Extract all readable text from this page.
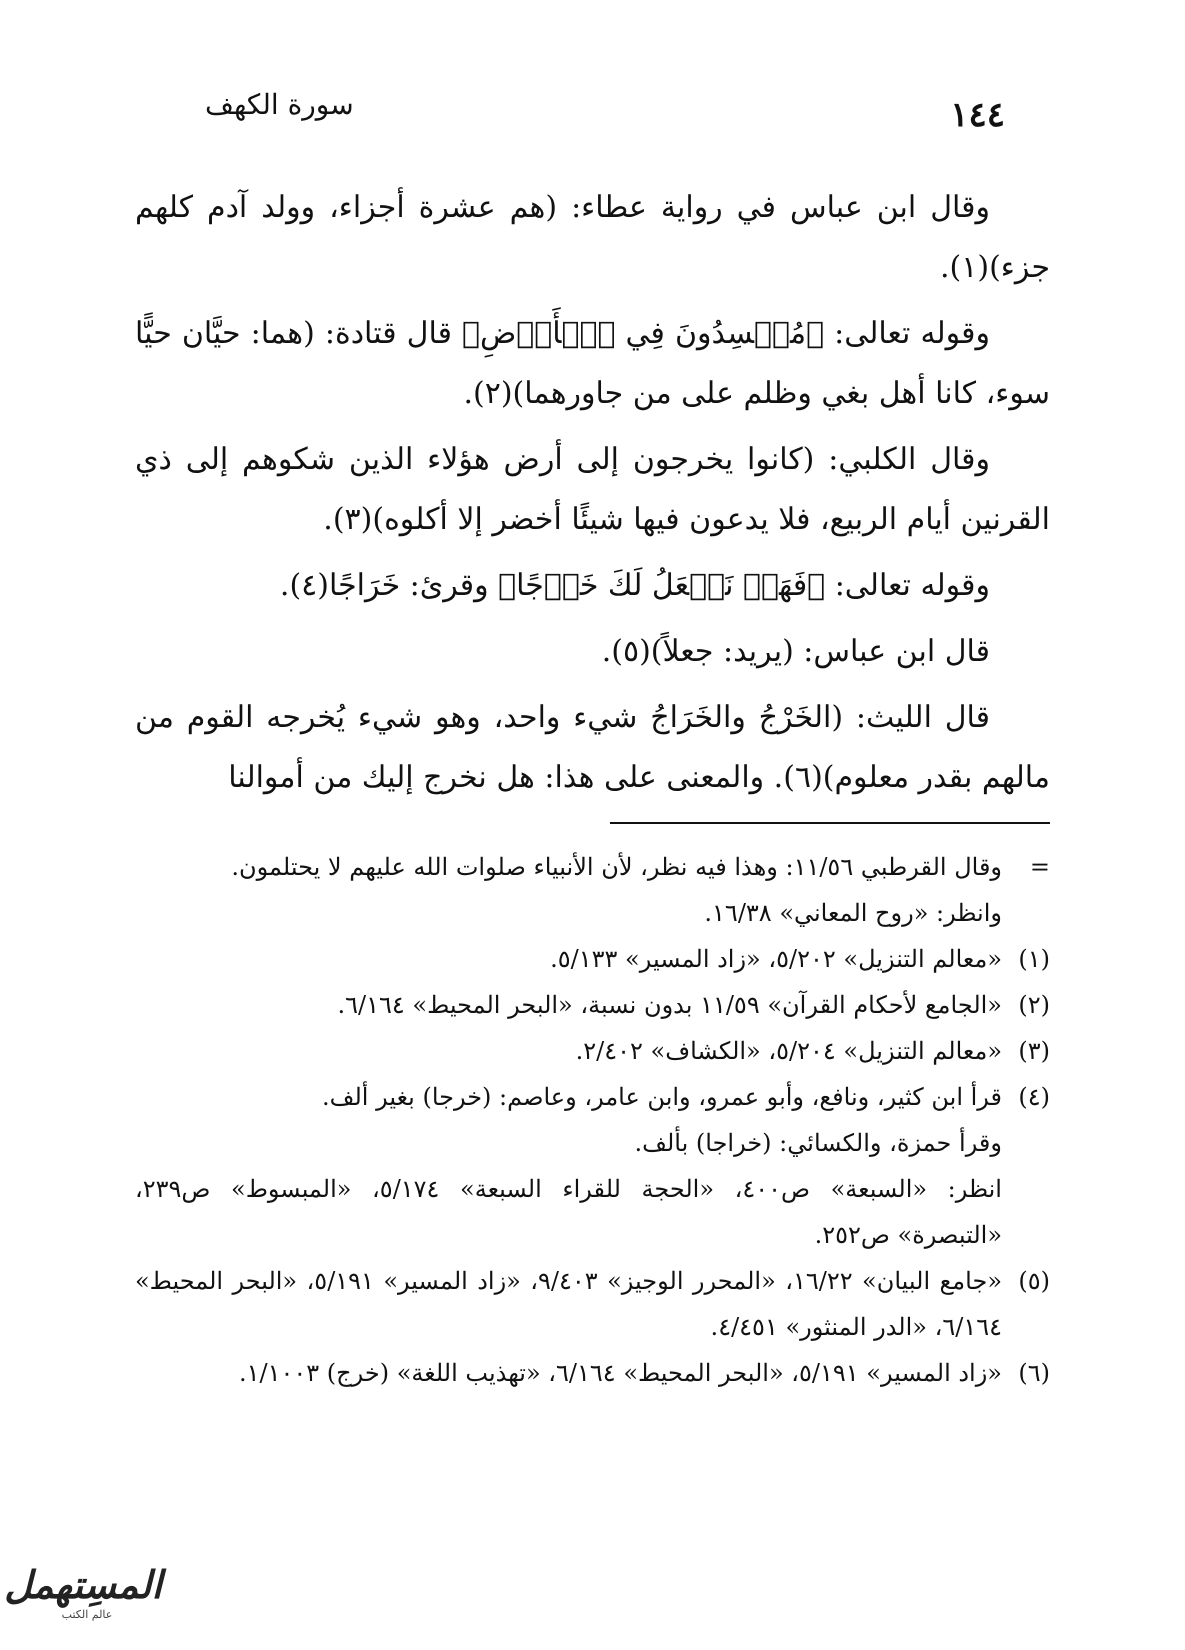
١٤٤
سورة الكهف

وقال ابن عباس في رواية عطاء: (هم عشرة أجزاء، وولد آدم كلهم جزء)(١).

وقوله تعالى: ﴿مُفۡسِدُونَ فِي ٱلۡأَرۡضِ﴾ قال قتادة: (هما: حيَّان حيًّا سوء، كانا أهل بغي وظلم على من جاورهما)(٢).

وقال الكلبي: (كانوا يخرجون إلى أرض هؤلاء الذين شكوهم إلى ذي القرنين أيام الربيع، فلا يدعون فيها شيئًا أخضر إلا أكلوه)(٣).

وقوله تعالى: ﴿فَهَلۡ نَجۡعَلُ لَكَ خَرۡجًا﴾ وقرئ: خَرَاجًا(٤).

قال ابن عباس: (يريد: جعلاً)(٥).

قال الليث: (الخَرْجُ والخَرَاجُ شيء واحد، وهو شيء يُخرجه القوم من مالهم بقدر معلوم)(٦). والمعنى على هذا: هل نخرج إليك من أموالنا

=
وقال القرطبي ١١/٥٦: وهذا فيه نظر، لأن الأنبياء صلوات الله عليهم لا يحتلمون.
وانظر: «روح المعاني» ١٦/٣٨.
(١)
«معالم التنزيل» ٥/٢٠٢، «زاد المسير» ٥/١٣٣.
(٢)
«الجامع لأحكام القرآن» ١١/٥٩ بدون نسبة، «البحر المحيط» ٦/١٦٤.
(٣)
«معالم التنزيل» ٥/٢٠٤، «الكشاف» ٢/٤٠٢.
(٤)
قرأ ابن كثير، ونافع، وأبو عمرو، وابن عامر، وعاصم: (خرجا) بغير ألف.
وقرأ حمزة، والكسائي: (خراجا) بألف.
انظر: «السبعة» ص٤٠٠، «الحجة للقراء السبعة» ٥/١٧٤، «المبسوط» ص٢٣٩، «التبصرة» ص٢٥٢.
(٥)
«جامع البيان» ١٦/٢٢، «المحرر الوجيز» ٩/٤٠٣، «زاد المسير» ٥/١٩١، «البحر المحيط» ٦/١٦٤، «الدر المنثور» ٤/٤٥١.
(٦)
«زاد المسير» ٥/١٩١، «البحر المحيط» ٦/١٦٤، «تهذيب اللغة» (خرج) ١/١٠٠٣.
المسِتهمل
عالم الكتب
